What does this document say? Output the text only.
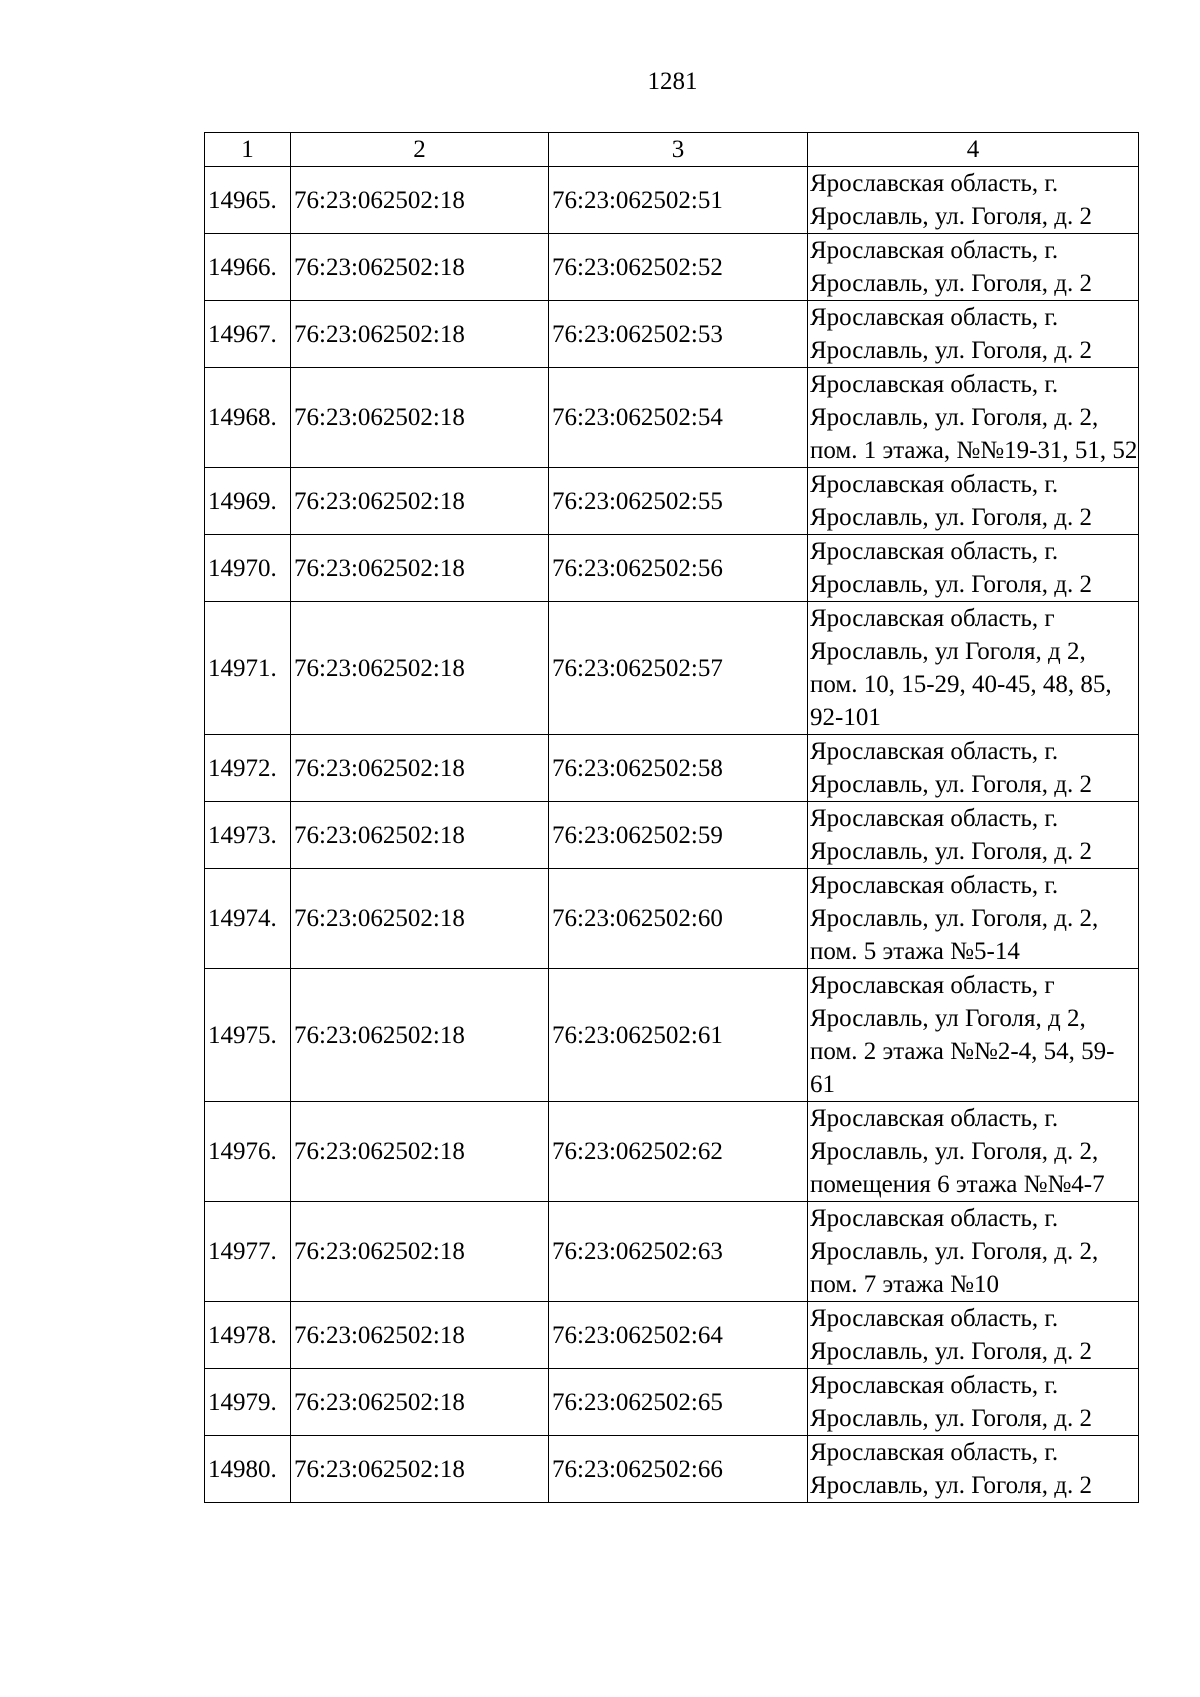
1281
1	2	3	4
14965.	76:23:062502:18	76:23:062502:51	Ярославская область, г. Ярославль, ул. Гоголя, д. 2
14966.	76:23:062502:18	76:23:062502:52	Ярославская область, г. Ярославль, ул. Гоголя, д. 2
14967.	76:23:062502:18	76:23:062502:53	Ярославская область, г. Ярославль, ул. Гоголя, д. 2
14968.	76:23:062502:18	76:23:062502:54	Ярославская область, г. Ярославль, ул. Гоголя, д. 2, пом. 1 этажа, №№19-31, 51, 52
14969.	76:23:062502:18	76:23:062502:55	Ярославская область, г. Ярославль, ул. Гоголя, д. 2
14970.	76:23:062502:18	76:23:062502:56	Ярославская область, г. Ярославль, ул. Гоголя, д. 2
14971.	76:23:062502:18	76:23:062502:57	Ярославская область, г Ярославль, ул Гоголя, д 2, пом. 10, 15-29, 40-45, 48, 85, 92-101
14972.	76:23:062502:18	76:23:062502:58	Ярославская область, г. Ярославль, ул. Гоголя, д. 2
14973.	76:23:062502:18	76:23:062502:59	Ярославская область, г. Ярославль, ул. Гоголя, д. 2
14974.	76:23:062502:18	76:23:062502:60	Ярославская область, г. Ярославль, ул. Гоголя, д. 2, пом. 5 этажа №5-14
14975.	76:23:062502:18	76:23:062502:61	Ярославская область, г Ярославль, ул Гоголя, д 2, пом. 2 этажа №№2-4, 54, 59-61
14976.	76:23:062502:18	76:23:062502:62	Ярославская область, г. Ярославль, ул. Гоголя, д. 2, помещения 6 этажа №№4-7
14977.	76:23:062502:18	76:23:062502:63	Ярославская область, г. Ярославль, ул. Гоголя, д. 2, пом. 7 этажа №10
14978.	76:23:062502:18	76:23:062502:64	Ярославская область, г. Ярославль, ул. Гоголя, д. 2
14979.	76:23:062502:18	76:23:062502:65	Ярославская область, г. Ярославль, ул. Гоголя, д. 2
14980.	76:23:062502:18	76:23:062502:66	Ярославская область, г. Ярославль, ул. Гоголя, д. 2
